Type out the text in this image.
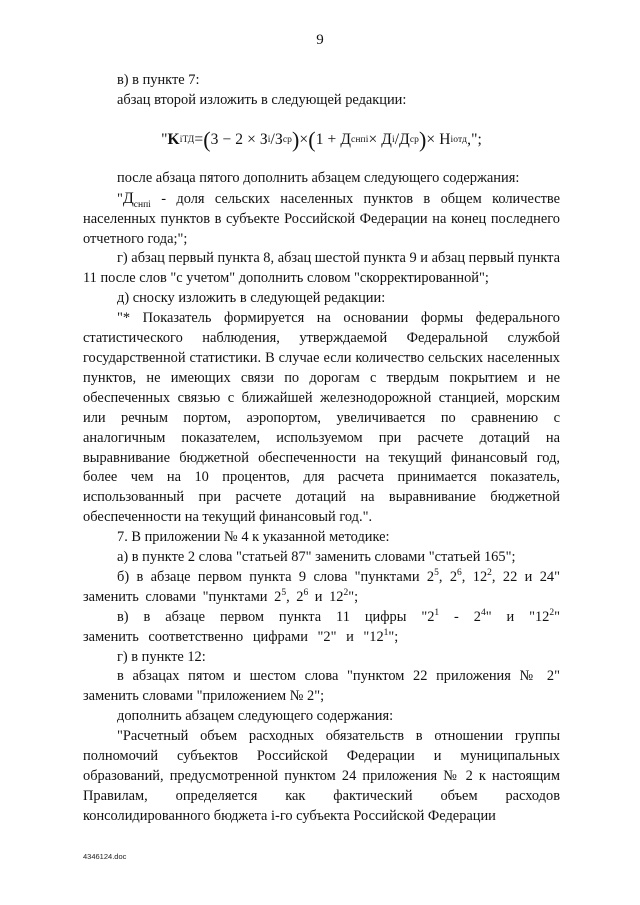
9

в) в пункте 7:

абзац второй изложить в следующей редакции:

" K i ТД = ( 3 − 2 × З i /З ср ) × ( 1 + Д снпi × Д i /Д ср ) × H i отд ,";

после абзаца пятого дополнить абзацем следующего содержания:

"$Д_{снпi}$ - доля сельских населенных пунктов в общем количестве населенных пунктов в субъекте Российской Федерации на конец последнего отчетного года;";

г) абзац первый пункта 8, абзац шестой пункта 9 и абзац первый пункта 11 после слов "с учетом" дополнить словом "скорректированной";

д) сноску изложить в следующей редакции:

"* Показатель формируется на основании формы федерального статистического наблюдения, утверждаемой Федеральной службой государственной статистики. В случае если количество сельских населенных пунктов, не имеющих связи по дорогам с твердым покрытием и не обеспеченных связью с ближайшей железнодорожной станцией, морским или речным портом, аэропортом, увеличивается по сравнению с аналогичным показателем, используемом при расчете дотаций на выравнивание бюджетной обеспеченности на текущий финансовый год, более чем на 10 процентов, для расчета принимается показатель, использованный при расчете дотаций на выравнивание бюджетной обеспеченности на текущий финансовый год.".

7. В приложении № 4 к указанной методике:

а) в пункте 2 слова "статьей 87" заменить словами "статьей 165";

б) в абзаце первом пункта 9 слова "пунктами $2^5$, $2^6$, $12^2$, 22 и 24" заменить словами "пунктами $2^5$, $2^6$ и $12^2$";

в) в абзаце первом пункта 11 цифры "$2^1 - 2^4$" и "$12^2$" заменить соответственно цифрами "2" и "$12^1$";

г) в пункте 12:

в абзацах пятом и шестом слова "пунктом 22 приложения № 2" заменить словами "приложением № 2";

дополнить абзацем следующего содержания:

"Расчетный объем расходных обязательств в отношении группы полномочий субъектов Российской Федерации и муниципальных образований, предусмотренной пунктом 24 приложения № 2 к настоящим Правилам, определяется как фактический объем расходов консолидированного бюджета i-го субъекта Российской Федерации

4346124.doc
